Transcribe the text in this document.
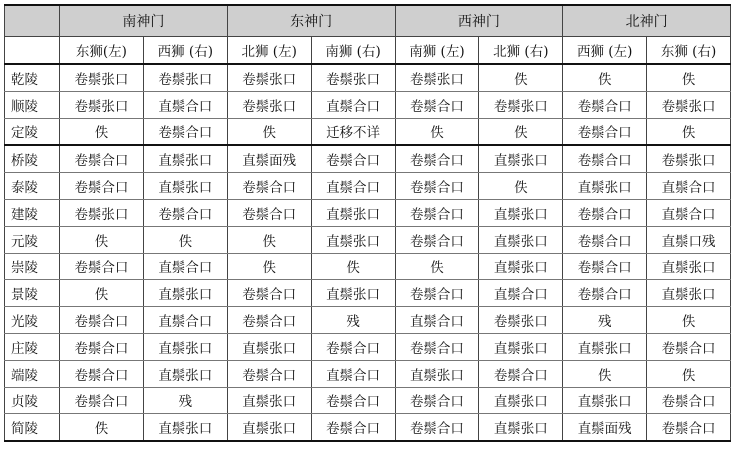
	南神门		东神门		西神门		北神门	
	东狮(左)	西狮 (右)	北狮 (左)	南狮 (右)	南狮 (左)	北狮 (右)	西狮 (左)	东狮 (右)
乾陵	卷鬃张口	卷鬃张口	卷鬃张口	卷鬃张口	卷鬃张口	佚	佚	佚
顺陵	卷鬃张口	直鬃合口	卷鬃张口	直鬃合口	卷鬃合口	卷鬃张口	卷鬃合口	卷鬃张口
定陵	佚	卷鬃合口	佚	迁移不详	佚	佚	卷鬃合口	佚
桥陵	卷鬃合口	直鬃张口	直鬃面残	卷鬃合口	卷鬃合口	直鬃张口	卷鬃合口	卷鬃张口
泰陵	卷鬃合口	直鬃张口	卷鬃合口	直鬃合口	卷鬃合口	佚	直鬃张口	直鬃合口
建陵	卷鬃张口	卷鬃合口	卷鬃合口	直鬃张口	卷鬃合口	直鬃张口	卷鬃合口	直鬃合口
元陵	佚	佚	佚	直鬃张口	卷鬃合口	直鬃张口	卷鬃合口	直鬃口残
崇陵	卷鬃合口	直鬃合口	佚	佚	佚	直鬃张口	卷鬃合口	直鬃张口
景陵	佚	直鬃张口	卷鬃合口	直鬃张口	卷鬃合口	直鬃合口	卷鬃合口	直鬃张口
光陵	卷鬃合口	直鬃合口	卷鬃合口	残	直鬃合口	卷鬃张口	残	佚
庄陵	卷鬃合口	直鬃张口	直鬃张口	卷鬃合口	卷鬃合口	直鬃张口	直鬃张口	卷鬃合口
端陵	卷鬃合口	直鬃张口	卷鬃合口	直鬃合口	直鬃张口	卷鬃合口	佚	佚
贞陵	卷鬃合口	残	直鬃张口	卷鬃合口	卷鬃合口	直鬃张口	直鬃张口	卷鬃合口
简陵	佚	直鬃张口	直鬃张口	卷鬃合口	卷鬃合口	直鬃张口	直鬃面残	卷鬃合口
